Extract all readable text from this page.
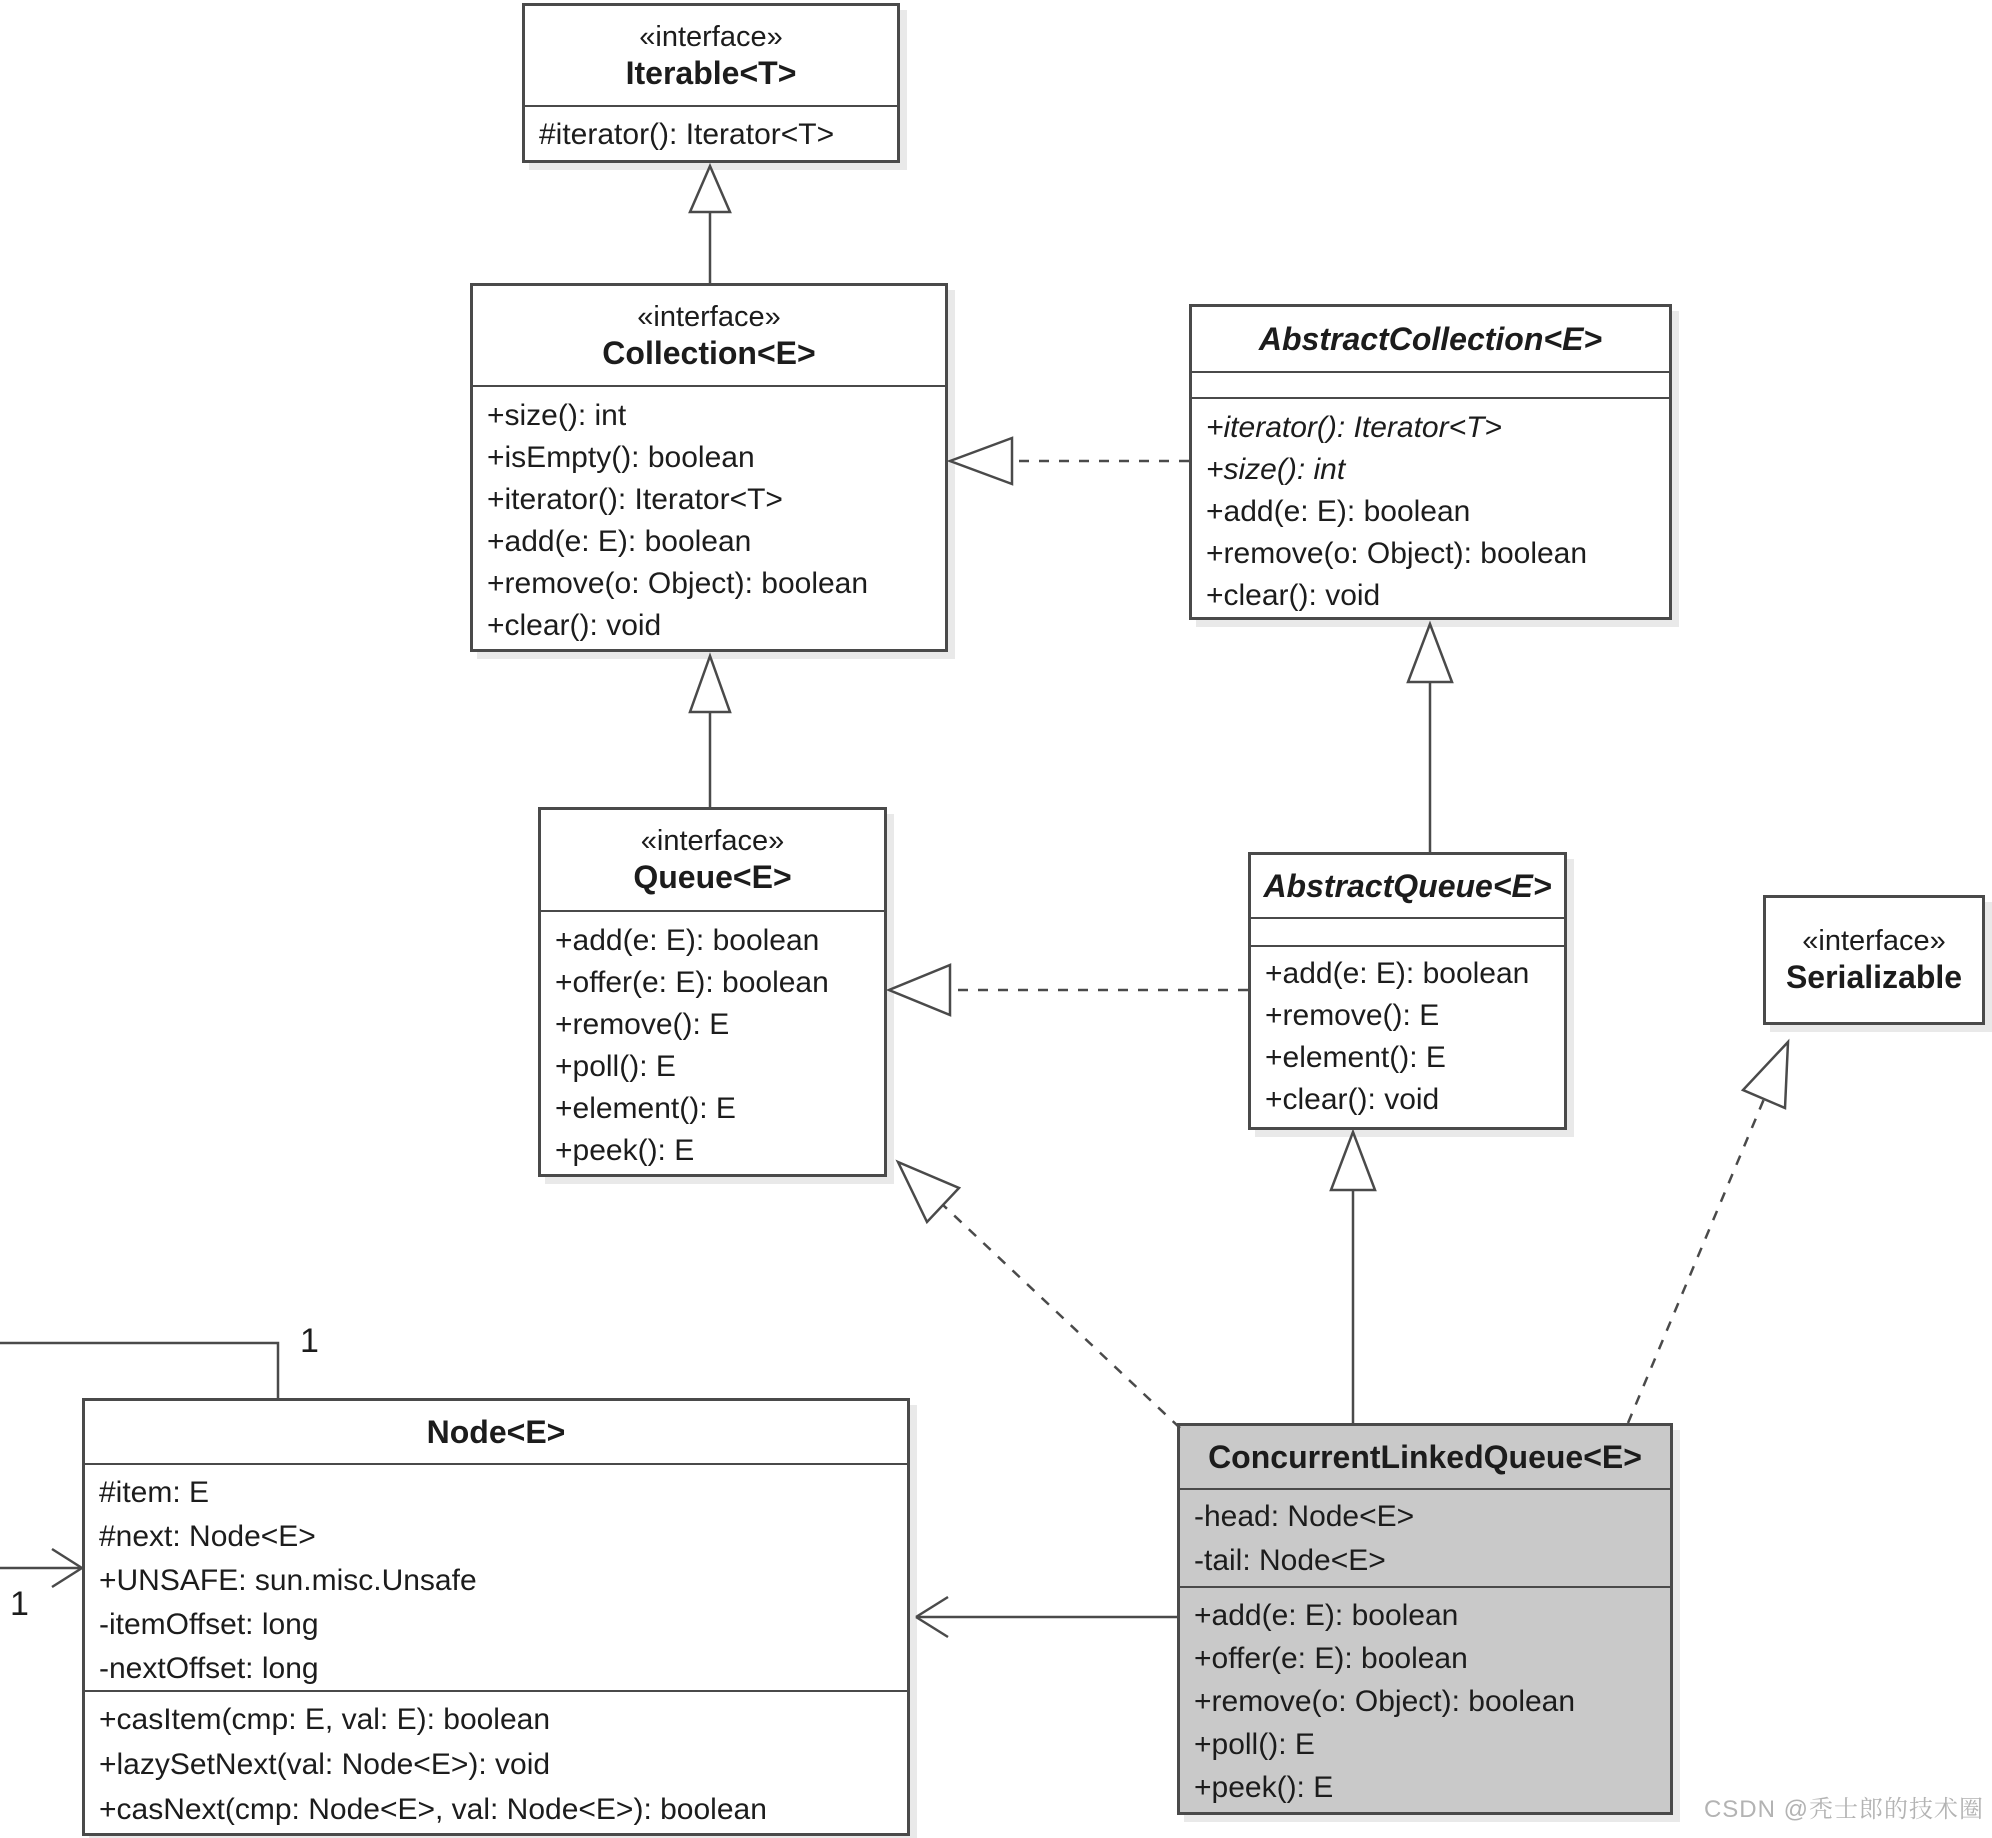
«interface»
Iterable<T>
#iterator(): Iterator<T>
«interface»
Collection<E>
+size(): int
+isEmpty(): boolean
+iterator(): Iterator<T>
+add(e: E): boolean
+remove(o: Object): boolean
+clear(): void
AbstractCollection<E>
+iterator(): Iterator<T>
+size(): int
+add(e: E): boolean
+remove(o: Object): boolean
+clear(): void
«interface»
Queue<E>
+add(e: E): boolean
+offer(e: E): boolean
+remove(): E
+poll(): E
+element(): E
+peek(): E
AbstractQueue<E>
+add(e: E): boolean
+remove(): E
+element(): E
+clear(): void
«interface»
Serializable
Node<E>
#item: E
#next: Node<E>
+UNSAFE: sun.misc.Unsafe
-itemOffset: long
-nextOffset: long
+casItem(cmp: E, val: E): boolean
+lazySetNext(val: Node<E>): void
+casNext(cmp: Node<E>, val: Node<E>): boolean
ConcurrentLinkedQueue<E>
-head: Node<E>
-tail: Node<E>
+add(e: E): boolean
+offer(e: E): boolean
+remove(o: Object): boolean
+poll(): E
+peek(): E
1
1
CSDN @秃士郎的技术圈
